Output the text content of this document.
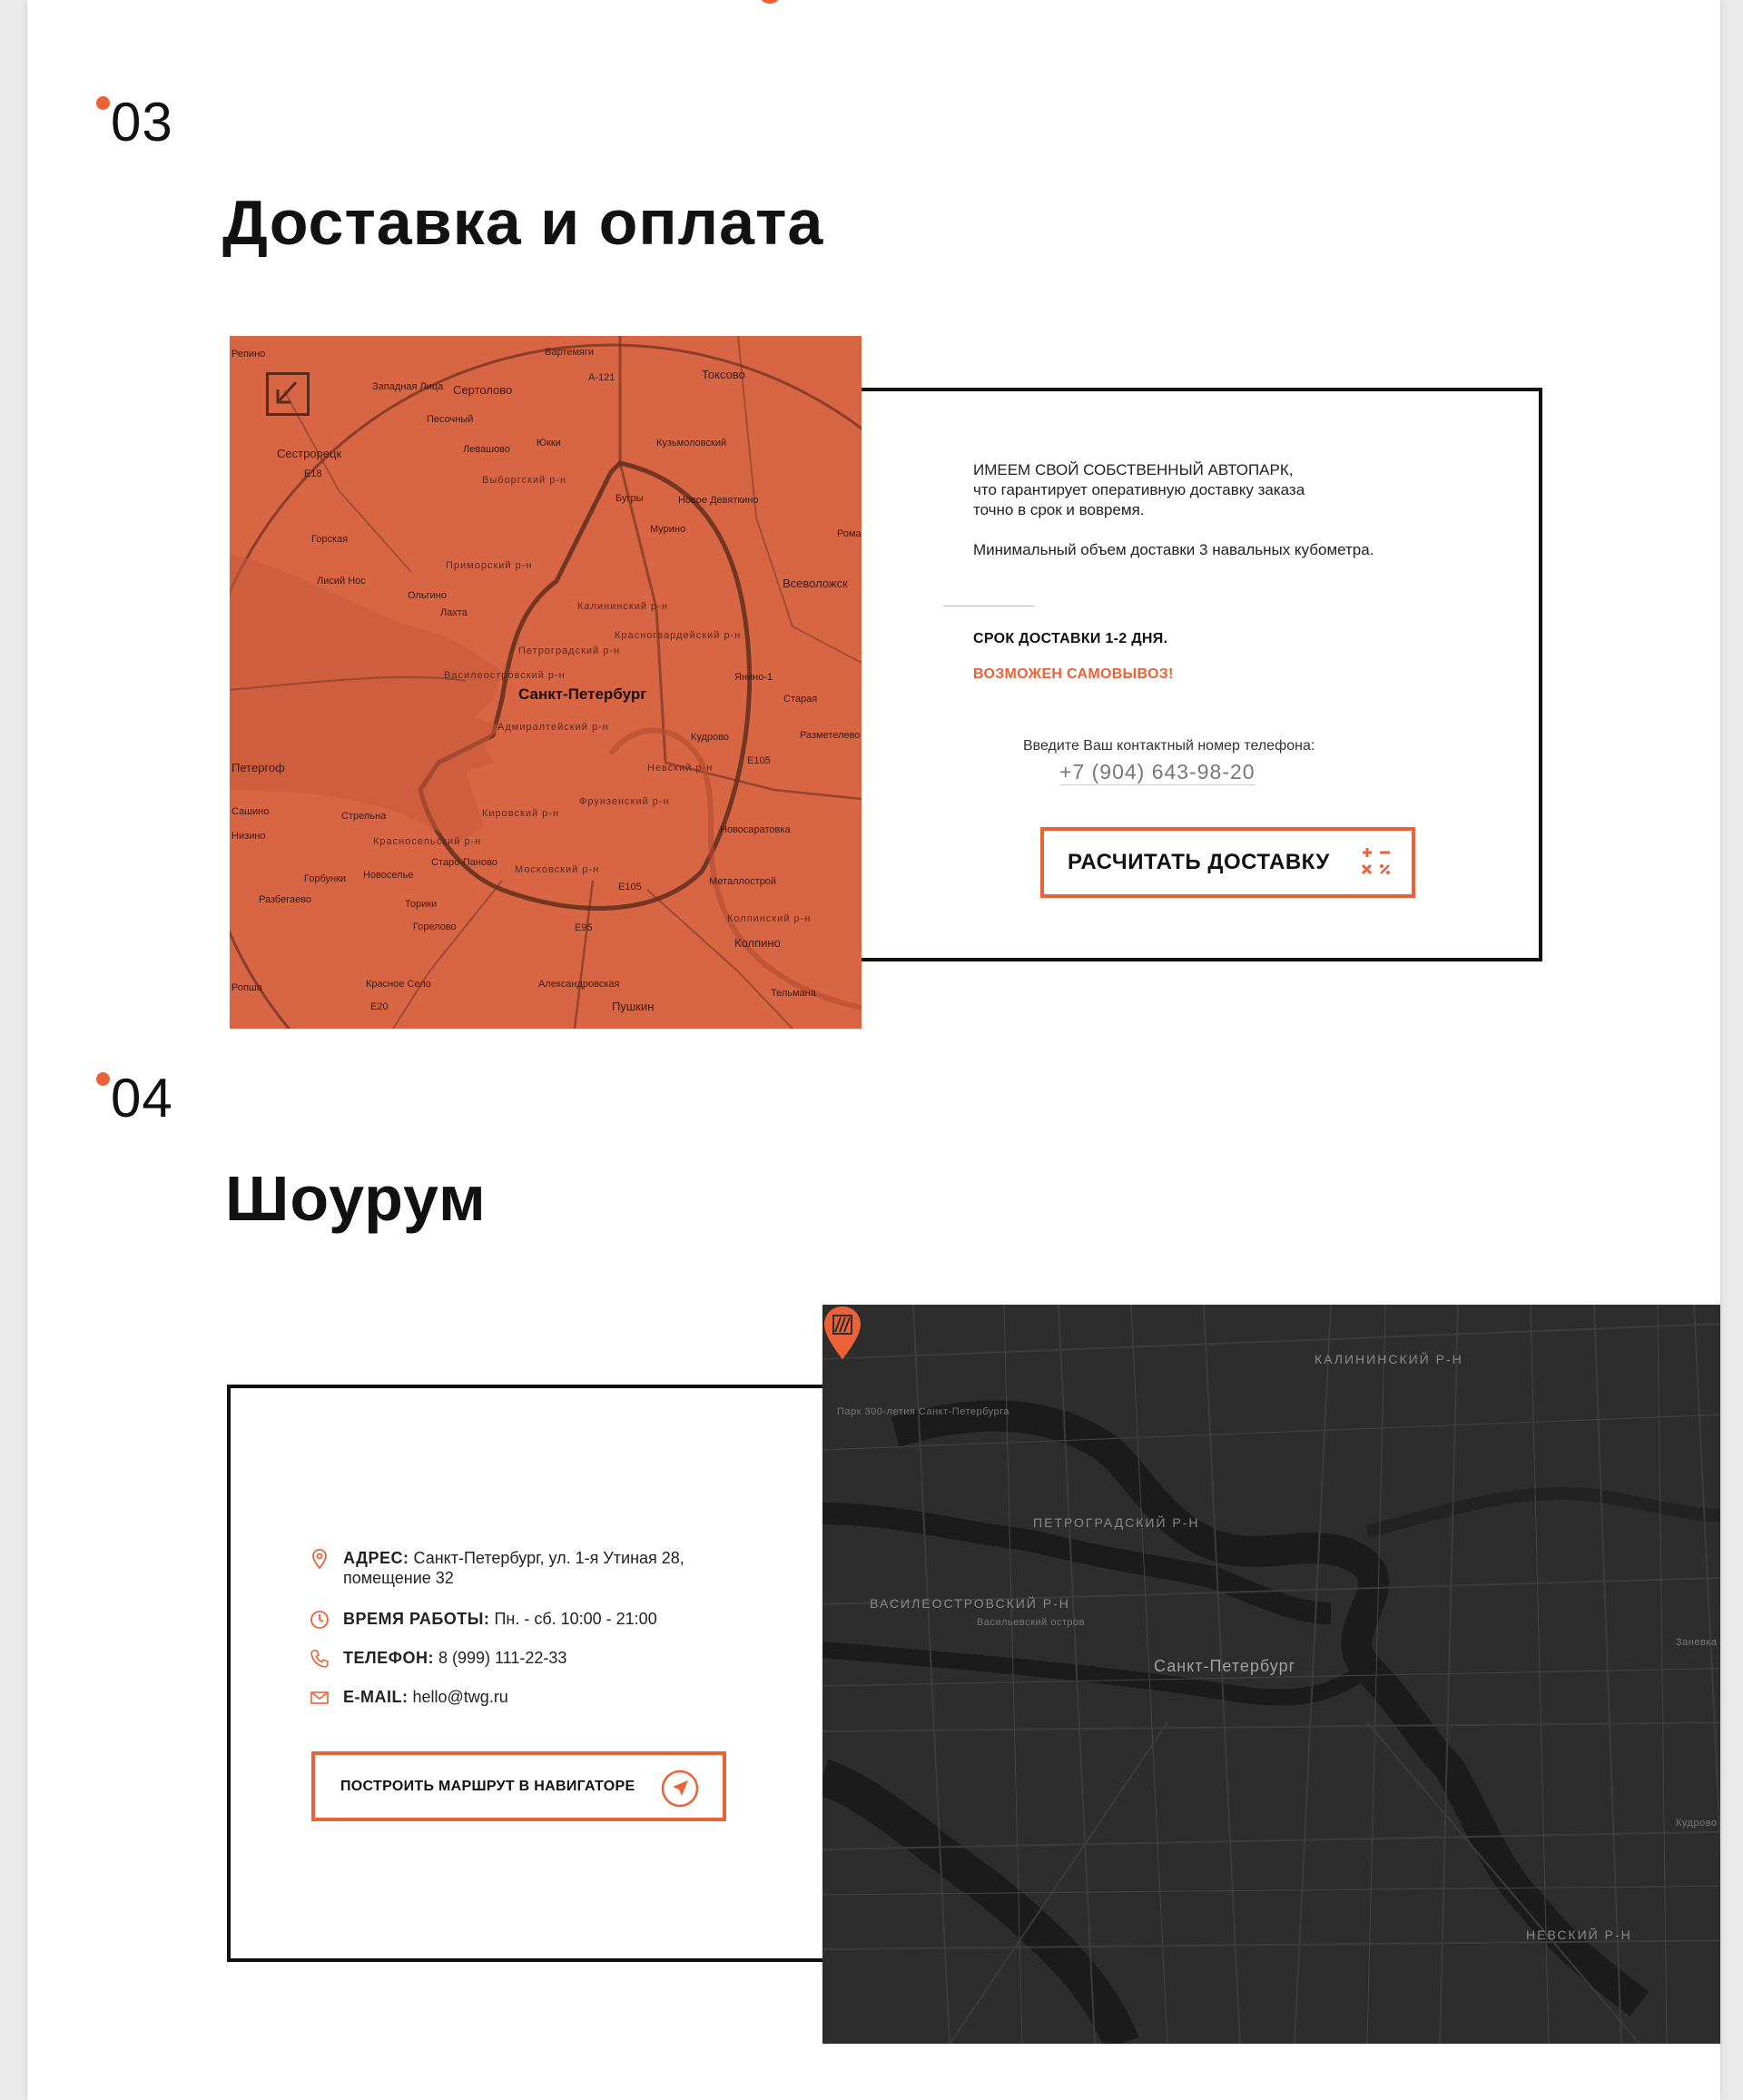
03
Доставка и оплата
Репино
Западная Лица Сертолово
Вартемяги
Токсово
Песочный
Левашово
Юкки	Кузьмоловский
Сестрорецк
Выборгский р-н
Бугры	Новое Девяткино
Мурино
Горская
Лисий Нос
Приморский р-н
Ольгино
Калининский р-н
Всеволожск
Лахта
Красногвардейский р-н
Петроградский р-н
Василеостровский р-н
Санкт-Петербург
Янино-1
Старая
Адмиралтейский р-н
Кудрово	Разметелево
Петергоф	Невский р-н
Сашино	Стрельна
Фрунзенский р-н
Низино
Кировский р-н
Красносельский р-н
Новосаратовка
Горбунки Новоселье
Старо-Паново
Московский р-н
Металлострой
Разбегаево	Торики
Колпинский р-н
Горелово
Колпино
Ропша	Красное Село	Александровская
Тельмана
Пушкин
Рома
A-121
E18
E105
E105
E95
E20
ИМЕЕМ СВОЙ СОБСТВЕННЫЙ АВТОПАРК,
что гарантирует оперативную доставку заказа
точно в срок и вовремя.
Минимальный объем доставки 3 навальных кубометра.
СРОК ДОСТАВКИ 1-2 ДНЯ.
ВОЗМОЖЕН САМОВЫВОЗ!
Введите Ваш контактный номер телефона:
+7 (904) 643-98-20
РАСЧИТАТЬ ДОСТАВКУ
04
Шоурум
АДРЕС: Санкт-Петербург, ул. 1-я Утиная 28,
помещение 32
ВРЕМЯ РАБОТЫ: Пн. - сб. 10:00 - 21:00
ТЕЛЕФОН: 8 (999) 111-22-33
E-MAIL: hello@twg.ru
ПОСТРОИТЬ МАРШРУТ В НАВИГАТОРЕ
КАЛИНИНСКИЙ Р-Н
Парк 300-летия Санкт-Петербурга
ПЕТРОГРАДСКИЙ Р-Н
ВАСИЛЕОСТРОВСКИЙ Р-Н
Васильевский остров
Санкт-Петербург
Заневка
Кудрово
НЕВСКИЙ Р-Н
